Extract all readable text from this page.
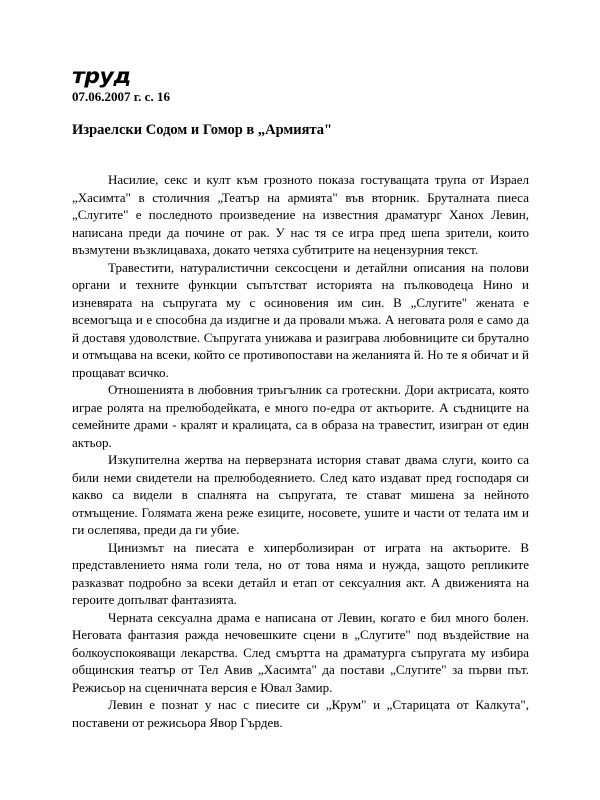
труд
07.06.2007 г. с. 16
Израелски Содом и Гомор в „Армията"

Насилие, секс и култ към грозното показа гостуващата трупа от Израел „Хасимта" в столичния „Театър на армията" във вторник. Бруталната пиеса „Слугите" е последното произведение на известния драматург Ханох Левин, написана преди да почине от рак. У нас тя се игра пред шепа зрители, които възмутени възклицаваха, докато четяха субтитрите на нецензурния текст.

Травестити, натуралистични сексосцени и детайлни описания на полови органи и техните функции съпътстват историята на пълководеца Нино и изневярата на съпругата му с осиновения им син. В „Слугите" жената е всемогъща и е способна да издигне и да провали мъжа. А неговата роля е само да й доставя удоволствие. Съпругата унижава и разиграва любовниците си брутално и отмъщава на всеки, който се противопостави на желанията й. Но те я обичат и й прощават всичко.

Отношенията в любовния триъгълник са гротескни. Дори актрисата, която играе ролята на прелюбодейката, е много по-едра от актьорите. А съдниците на семейните драми - кралят и кралицата, са в образа на травестит, изигран от един актьор.

Изкупителна жертва на перверзната история стават двама слуги, които са били неми свидетели на прелюбодеянието. След като издават пред господаря си какво са видели в спалнята на съпругата, те стават мишена за нейното отмъщение. Голямата жена реже езиците, носовете, ушите и части от телата им и ги ослепява, преди да ги убие.

Цинизмът на пиесата е хиперболизиран от играта на актьорите. В представлението няма голи тела, но от това няма и нужда, защото репликите разказват подробно за всеки детайл и етап от сексуалния акт. А движенията на героите допълват фантазията.

Черната сексуална драма е написана от Левин, когато е бил много болен. Неговата фантазия ражда нечовешките сцени в „Слугите" под въздействие на болкоуспокояващи лекарства. След смъртта на драматурга съпругата му избира общинския театър от Тел Авив „Хасимта" да постави „Слугите" за първи път. Режисьор на сценичната версия е Ювал Замир.

Левин е познат у нас с пиесите си „Крум" и „Старицата от Калкута", поставени от режисьора Явор Гърдев.
